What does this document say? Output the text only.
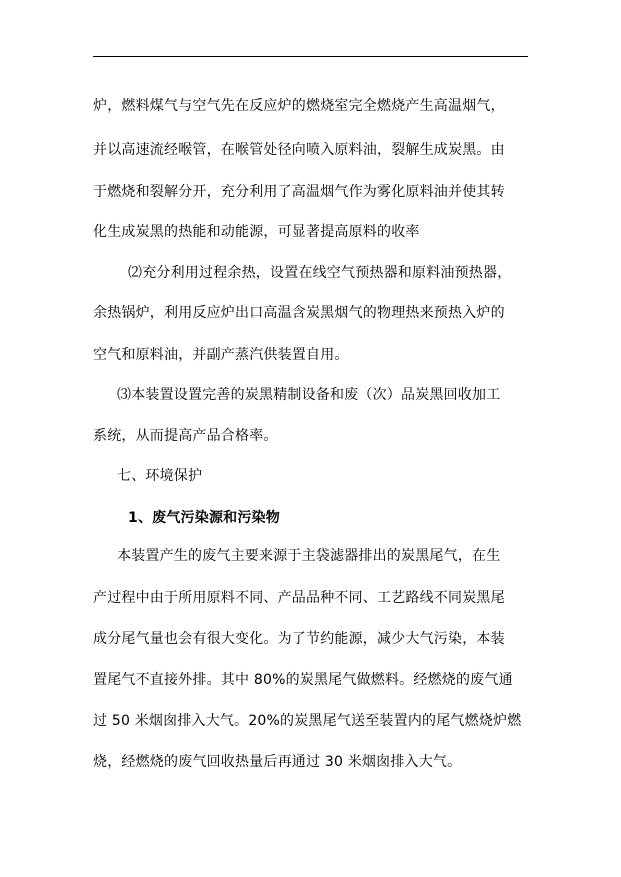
炉，燃料煤气与空气先在反应炉的燃烧室完全燃烧产生高温烟气，
并以高速流经喉管，在喉管处径向喷入原料油，裂解生成炭黑。由
于燃烧和裂解分开，充分利用了高温烟气作为雾化原料油并使其转
化生成炭黑的热能和动能源，可显著提高原料的收率
⑵充分利用过程余热，设置在线空气预热器和原料油预热器，
余热锅炉，利用反应炉出口高温含炭黑烟气的物理热来预热入炉的
空气和原料油，并副产蒸汽供装置自用。
⑶本装置设置完善的炭黑精制设备和废（次）品炭黑回收加工
系统，从而提高产品合格率。
七、环境保护
1、废气污染源和污染物
本装置产生的废气主要来源于主袋滤器排出的炭黑尾气，在生
产过程中由于所用原料不同、产品品种不同、工艺路线不同炭黑尾
成分尾气量也会有很大变化。为了节约能源，减少大气污染，本装
置尾气不直接外排。其中 80%的炭黑尾气做燃料。经燃烧的废气通
过 50 米烟囱排入大气。20%的炭黑尾气送至装置内的尾气燃烧炉燃
烧，经燃烧的废气回收热量后再通过 30 米烟囱排入大气。
